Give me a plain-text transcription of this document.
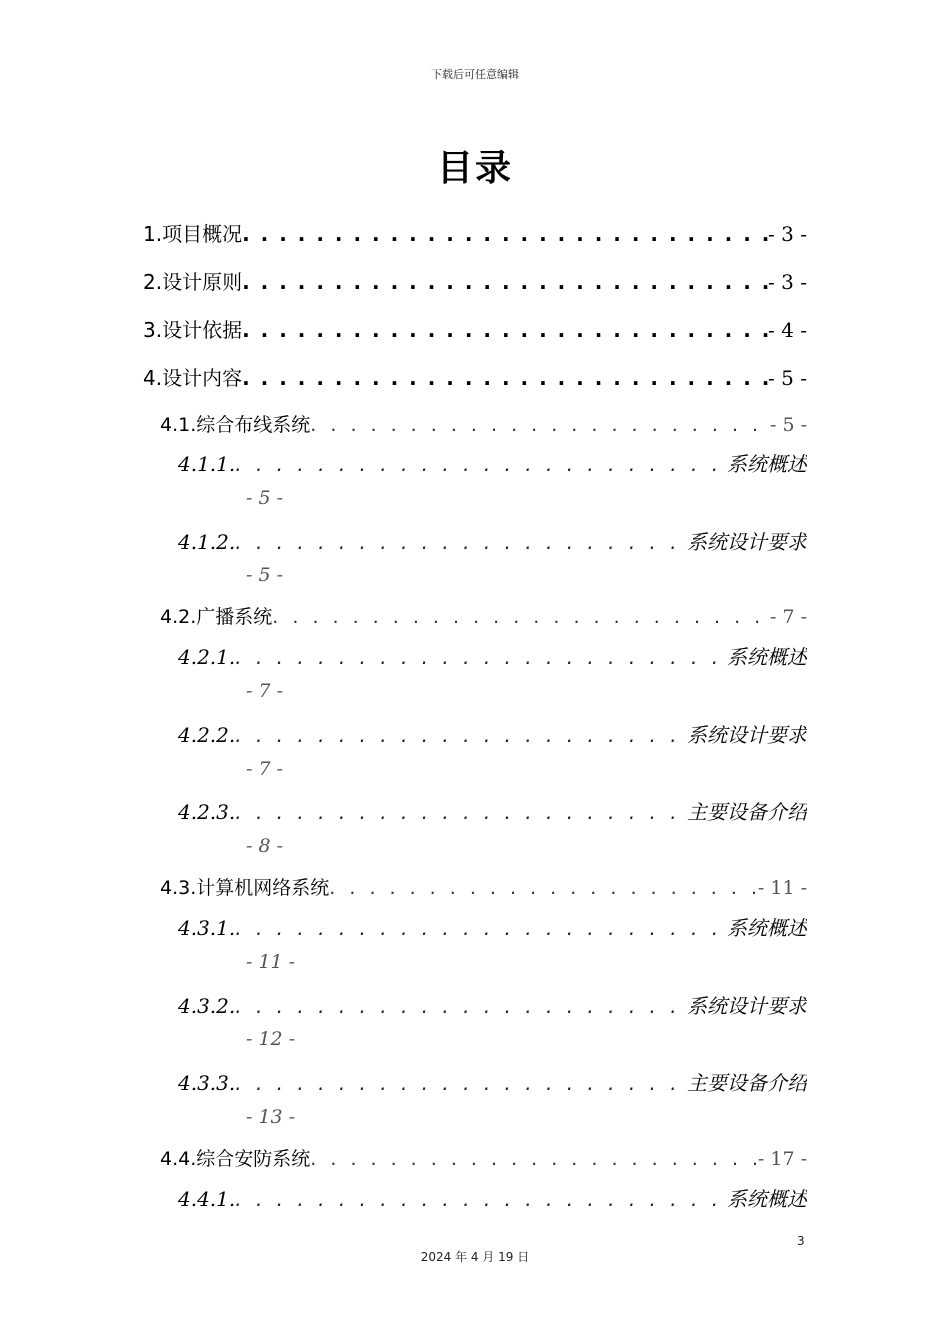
下载后可任意编辑
目录
1. 项目概况 . . .	- 3 -
2. 设计原则 . . .	- 3 -
3. 设计依据 . . .	- 4 -
4. 设计内容 . . .	- 5 -
4.1. 综合布线系统 . . .	- 5 -
4.1.1. . . .	系统概述
- 5 -
4.1.2. . . .	系统设计要求
- 5 -
4.2. 广播系统 . . .	- 7 -
4.2.1. . . .	系统概述
- 7 -
4.2.2. . . .	系统设计要求
- 7 -
4.2.3. . . .	主要设备介绍
- 8 -
4.3. 计算机网络系统 . . .	- 11 -
4.3.1. . . .	系统概述
- 11 -
4.3.2. . . .	系统设计要求
- 12 -
4.3.3. . . .	主要设备介绍
- 13 -
4.4. 综合安防系统 . . .	- 17 -
4.4.1. . . .	系统概述
3
2024 年 4 月 19 日
